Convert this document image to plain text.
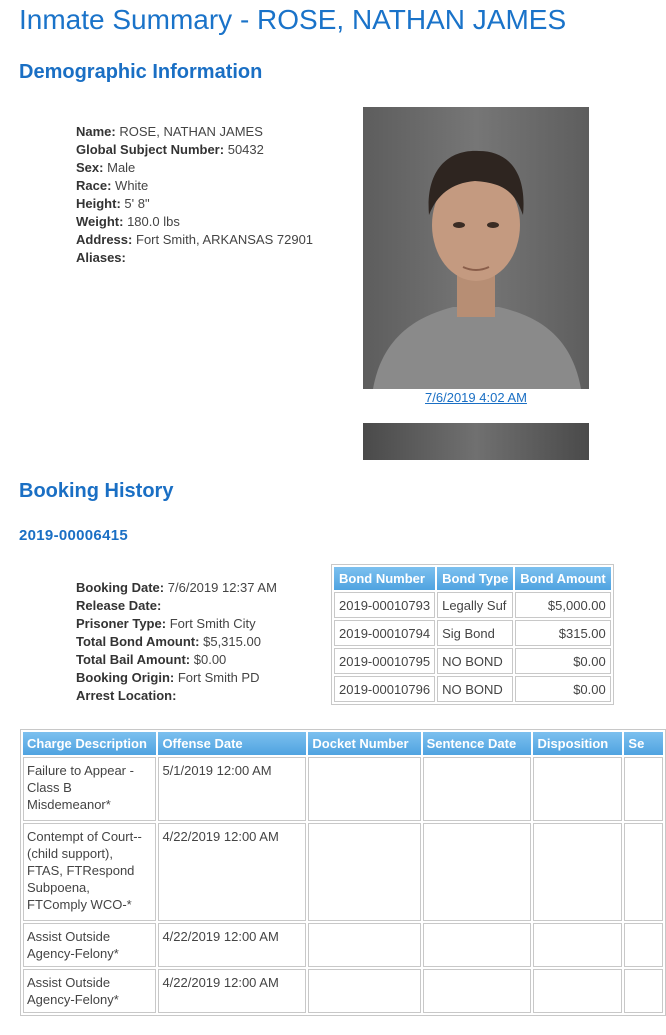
Inmate Summary - ROSE, NATHAN JAMES
Demographic Information
Name: ROSE, NATHAN JAMES
Global Subject Number: 50432
Sex: Male
Race: White
Height: 5' 8"
Weight: 180.0 lbs
Address: Fort Smith, ARKANSAS 72901
Aliases:
7/6/2019 4:02 AM
Booking History
2019-00006415
Booking Date: 7/6/2019 12:37 AM
Release Date:
Prisoner Type: Fort Smith City
Total Bond Amount: $5,315.00
Total Bail Amount: $0.00
Booking Origin: Fort Smith PD
Arrest Location:
Bond Number	Bond Type	Bond Amount
2019-00010793	Legally Suf	$5,000.00
2019-00010794	Sig Bond	$315.00
2019-00010795	NO BOND	$0.00
2019-00010796	NO BOND	$0.00
Charge Description	Offense Date	Docket Number	Sentence Date	Disposition	Se
Failure to Appear - Class B Misdemeanor*	5/1/2019 12:00 AM				
Contempt of Court--(child support), FTAS, FTRespond Subpoena, FTComply WCO-*	4/22/2019 12:00 AM				
Assist Outside Agency-Felony*	4/22/2019 12:00 AM				
Assist Outside Agency-Felony*	4/22/2019 12:00 AM				
